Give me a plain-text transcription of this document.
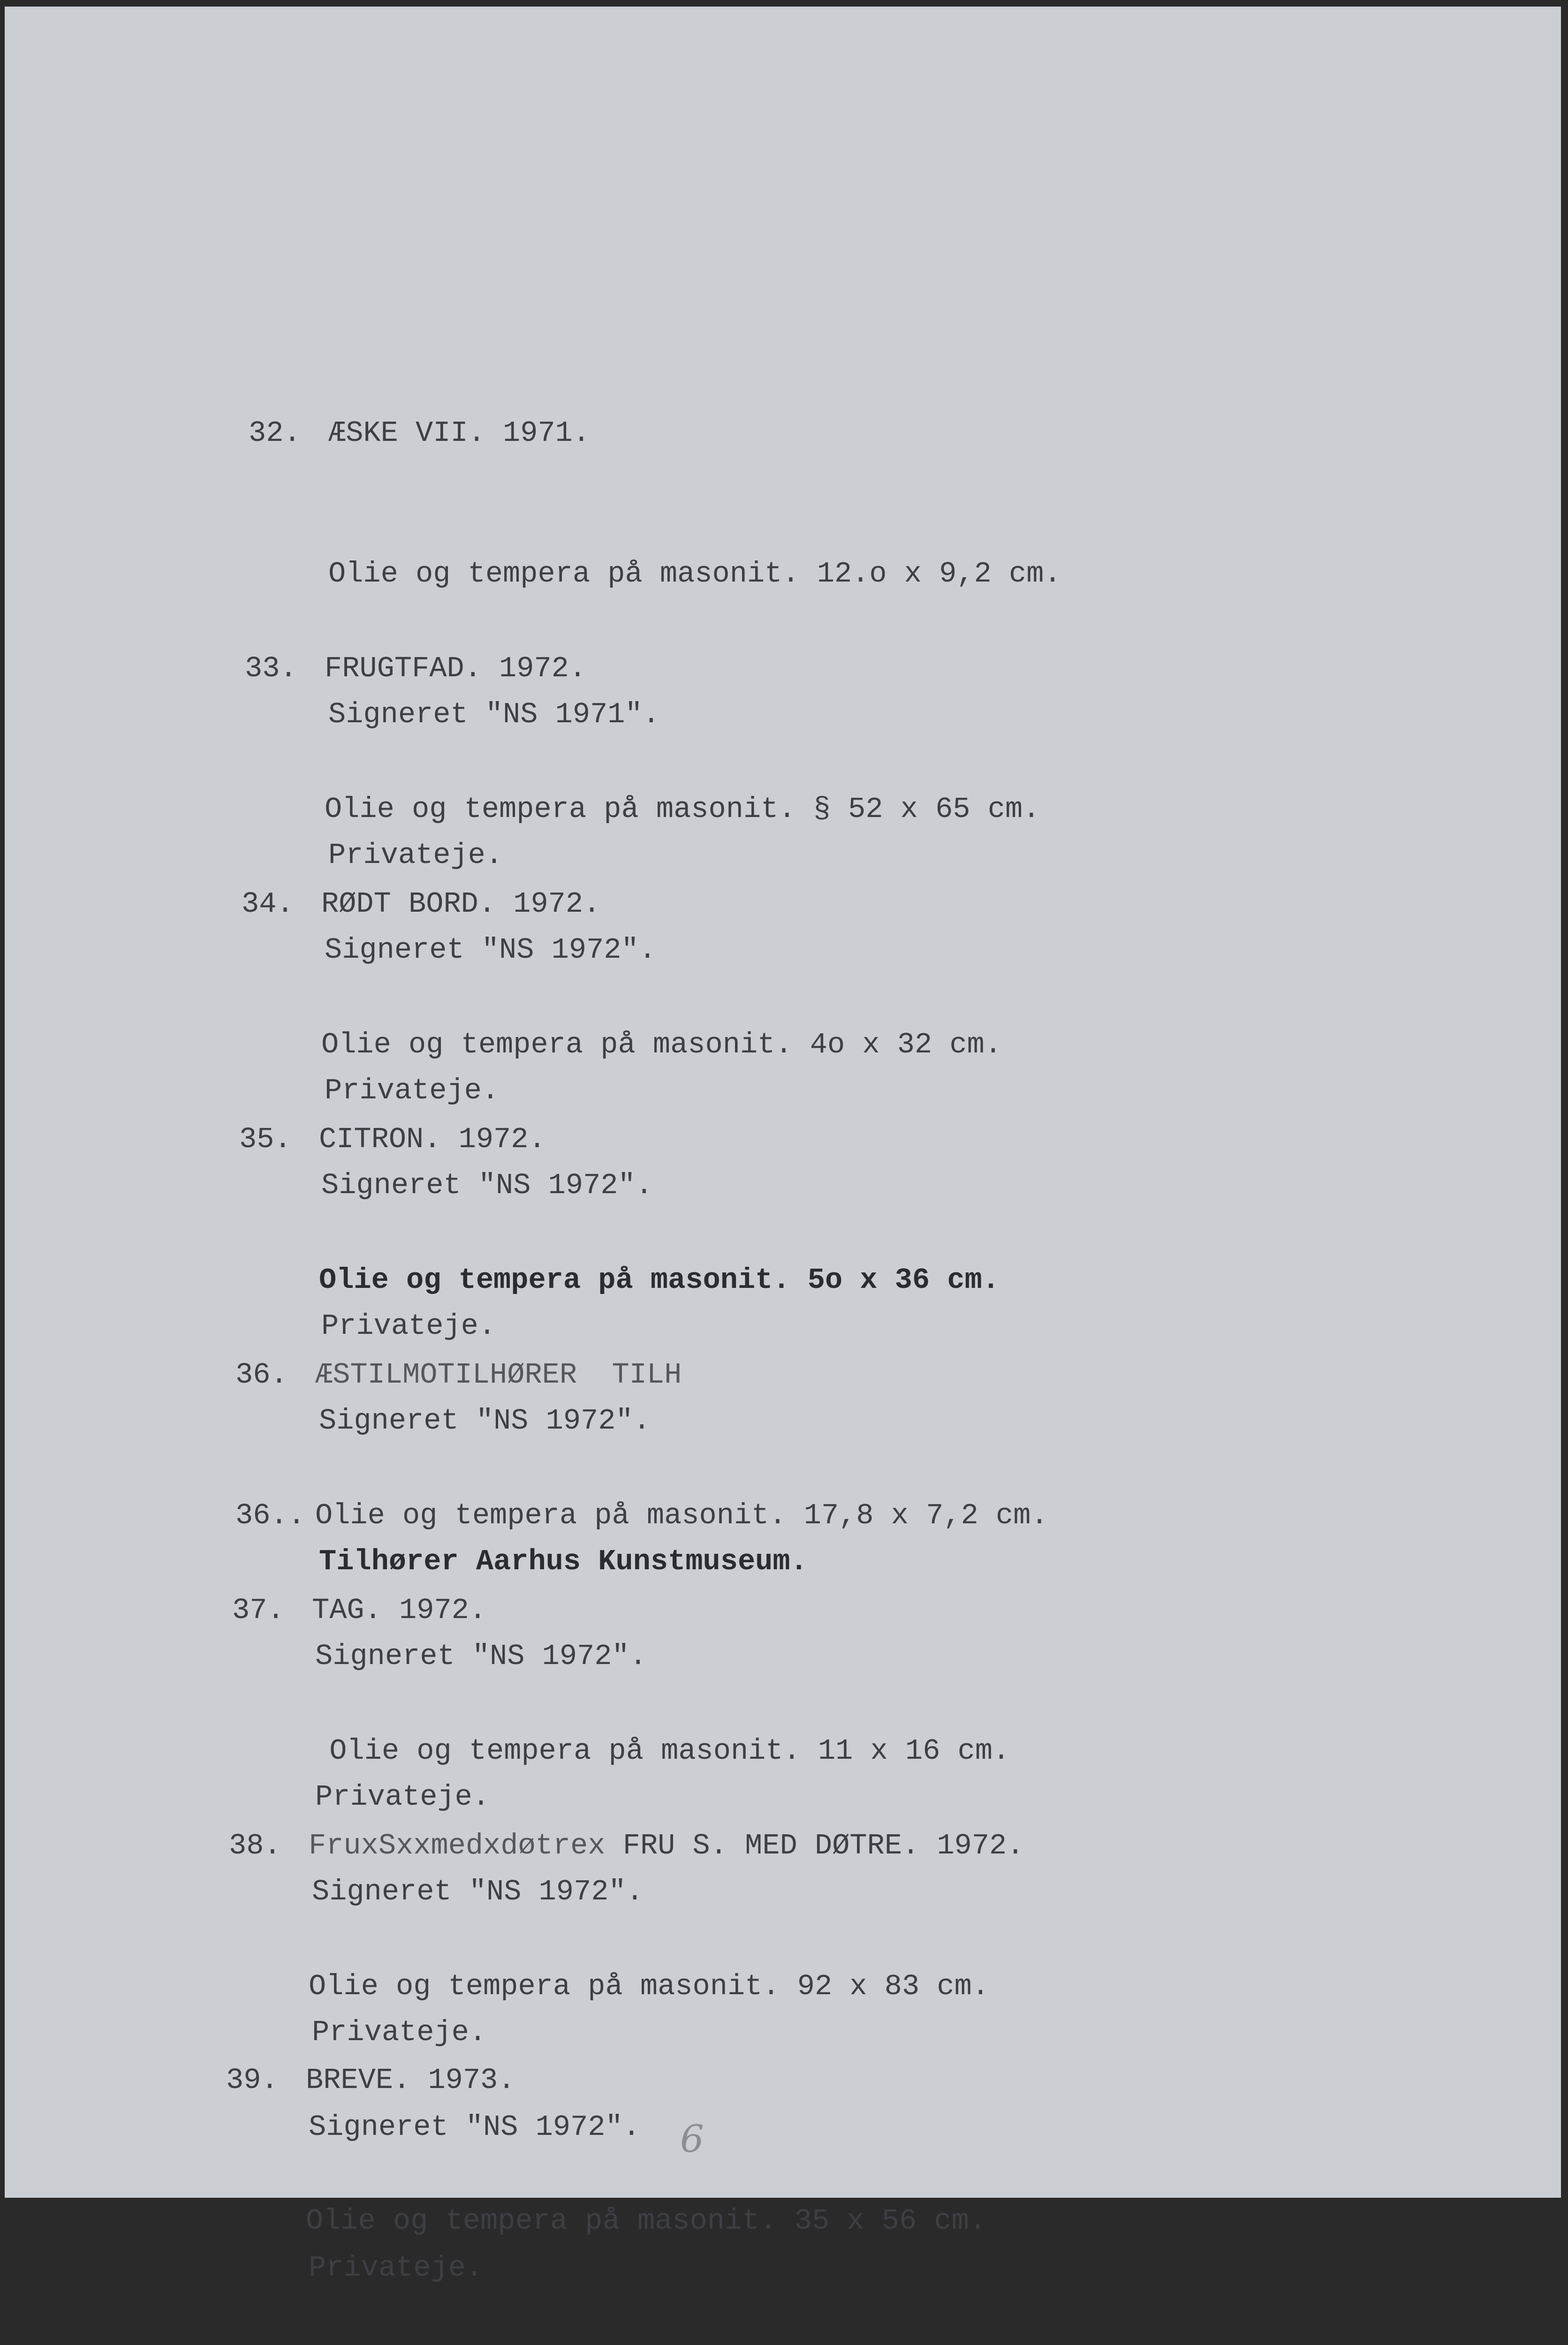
32. ÆSKE VII. 1971.

Olie og tempera på masonit. 12.o x 9,2 cm.

Signeret "NS 1971".

Privateje.

33. FRUGTFAD. 1972.

Olie og tempera på masonit. § 52 x 65 cm.

Signeret "NS 1972".

Privateje.

34. RØDT BORD. 1972.

Olie og tempera på masonit. 4o x 32 cm.

Signeret "NS 1972".

Privateje.

35. CITRON. 1972.

Olie og tempera på masonit. 5o x 36 cm.

Signeret "NS 1972".

Tilhører Aarhus Kunstmuseum.

36. ÆSTILMOTILHØRER  TILH

36.. Olie og tempera på masonit. 17,8 x 7,2 cm.

Signeret "NS 1972".

Privateje.

37. TAG. 1972.

Olie og tempera på masonit. 11 x 16 cm.

Signeret "NS 1972".

Privateje.

38. FruxSxxmedxdøtrex FRU S. MED DØTRE. 1972.

Olie og tempera på masonit. 92 x 83 cm.

Signeret "NS 1972".

Privateje.

39. BREVE. 1973.

Olie og tempera på masonit. 35 x 56 cm.

6
